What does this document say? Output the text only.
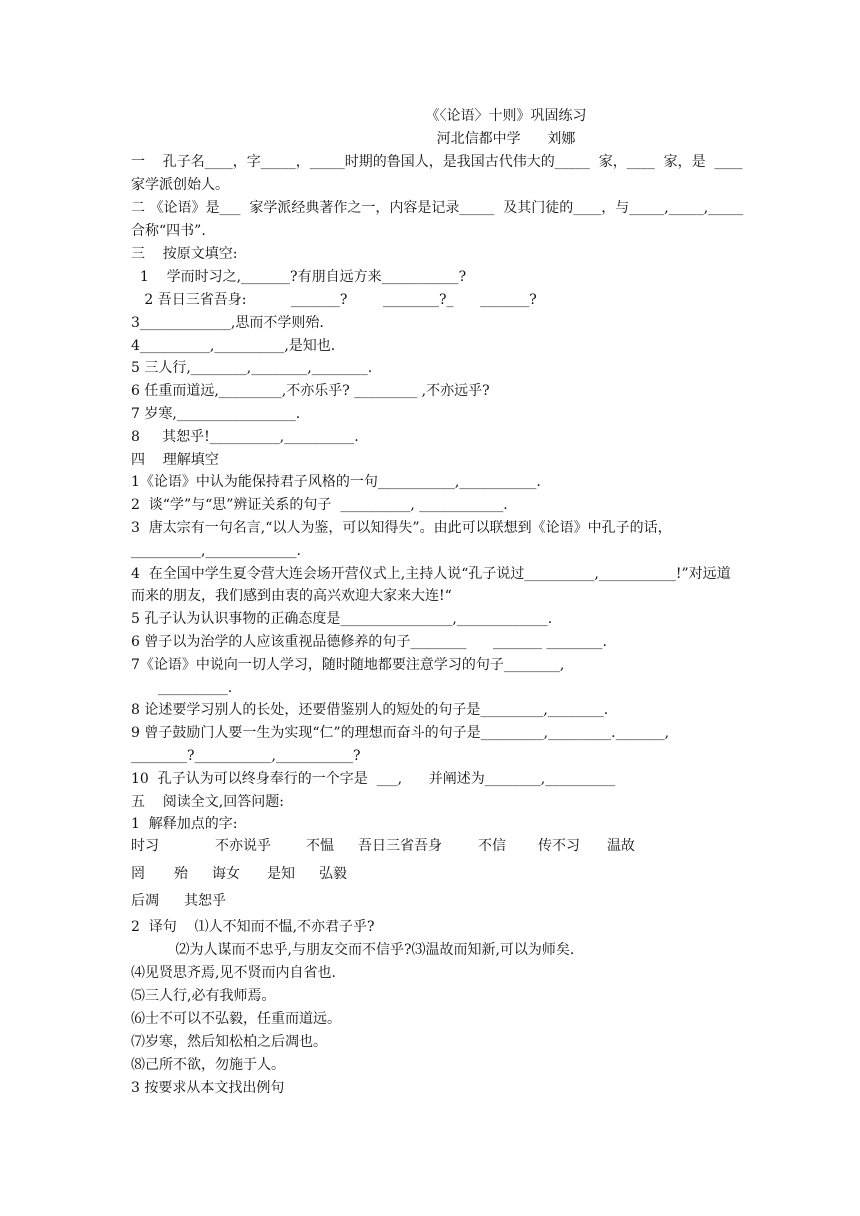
《〈论语〉十则》巩固练习
河北信都中学      刘娜
一    孔子名____，字_____，_____时期的鲁国人，是我国古代伟大的_____  家，____  家，是  ____
家学派创始人。
二 《论语》是___  家学派经典著作之一，内容是记录_____  及其门徒的____，与_____,_____,_____
合称“四书”.
三    按原文填空:
1    学而时习之,_______?有朋自远方来___________?
2 吾日三省吾身:          _______?        ________?_      _______?
3_____________,思而不学则殆.
4__________,__________,是知也.
5 三人行,________,________,________.
6 任重而道远,_________,不亦乐乎? _________ ,不亦远乎?
7 岁寒,_________________.
8     其恕乎!__________,__________.
四    理解填空
1《论语》中认为能保持君子风格的一句___________,___________.
2  谈“学”与“思”辨证关系的句子  __________, ____________.
3  唐太宗有一句名言,“以人为鉴，可以知得失”。由此可以联想到《论语》中孔子的话，
__________,_____________.
4  在全国中学生夏令营大连会场开营仪式上,主持人说“孔子说过__________,___________!”对远道
而来的朋友，我们感到由衷的高兴欢迎大家来大连!“
5 孔子认为认识事物的正确态度是________________,_____________.
6 曾子以为治学的人应该重视品德修养的句子________      _______ ________.
7《论语》中说向一切人学习，随时随地都要注意学习的句子________,
__________.
8 论述要学习别人的长处，还要借鉴别人的短处的句子是_________,________.
9 曾子鼓励门人要一生为实现“仁”的理想而奋斗的句子是_________,_________._______,
________?___________,___________?
10  孔子认为可以终身奉行的一个字是  ___,      并阐述为________,__________
五    阅读全文,回答问题:
1  解释加点的字:
时习	不亦说乎	不愠 吾日三省吾身	不信 传不习 温故
罔 殆 诲女 是知 弘毅
后凋 其恕乎
2  译句    ⑴人不知而不愠,不亦君子乎?
⑵为人谋而不忠乎,与朋友交而不信乎?⑶温故而知新,可以为师矣.
⑷见贤思齐焉,见不贤而内自省也.
⑸三人行,必有我师焉。
⑹士不可以不弘毅，任重而道远。
⑺岁寒，然后知松柏之后凋也。
⑻己所不欲，勿施于人。
3 按要求从本文找出例句
